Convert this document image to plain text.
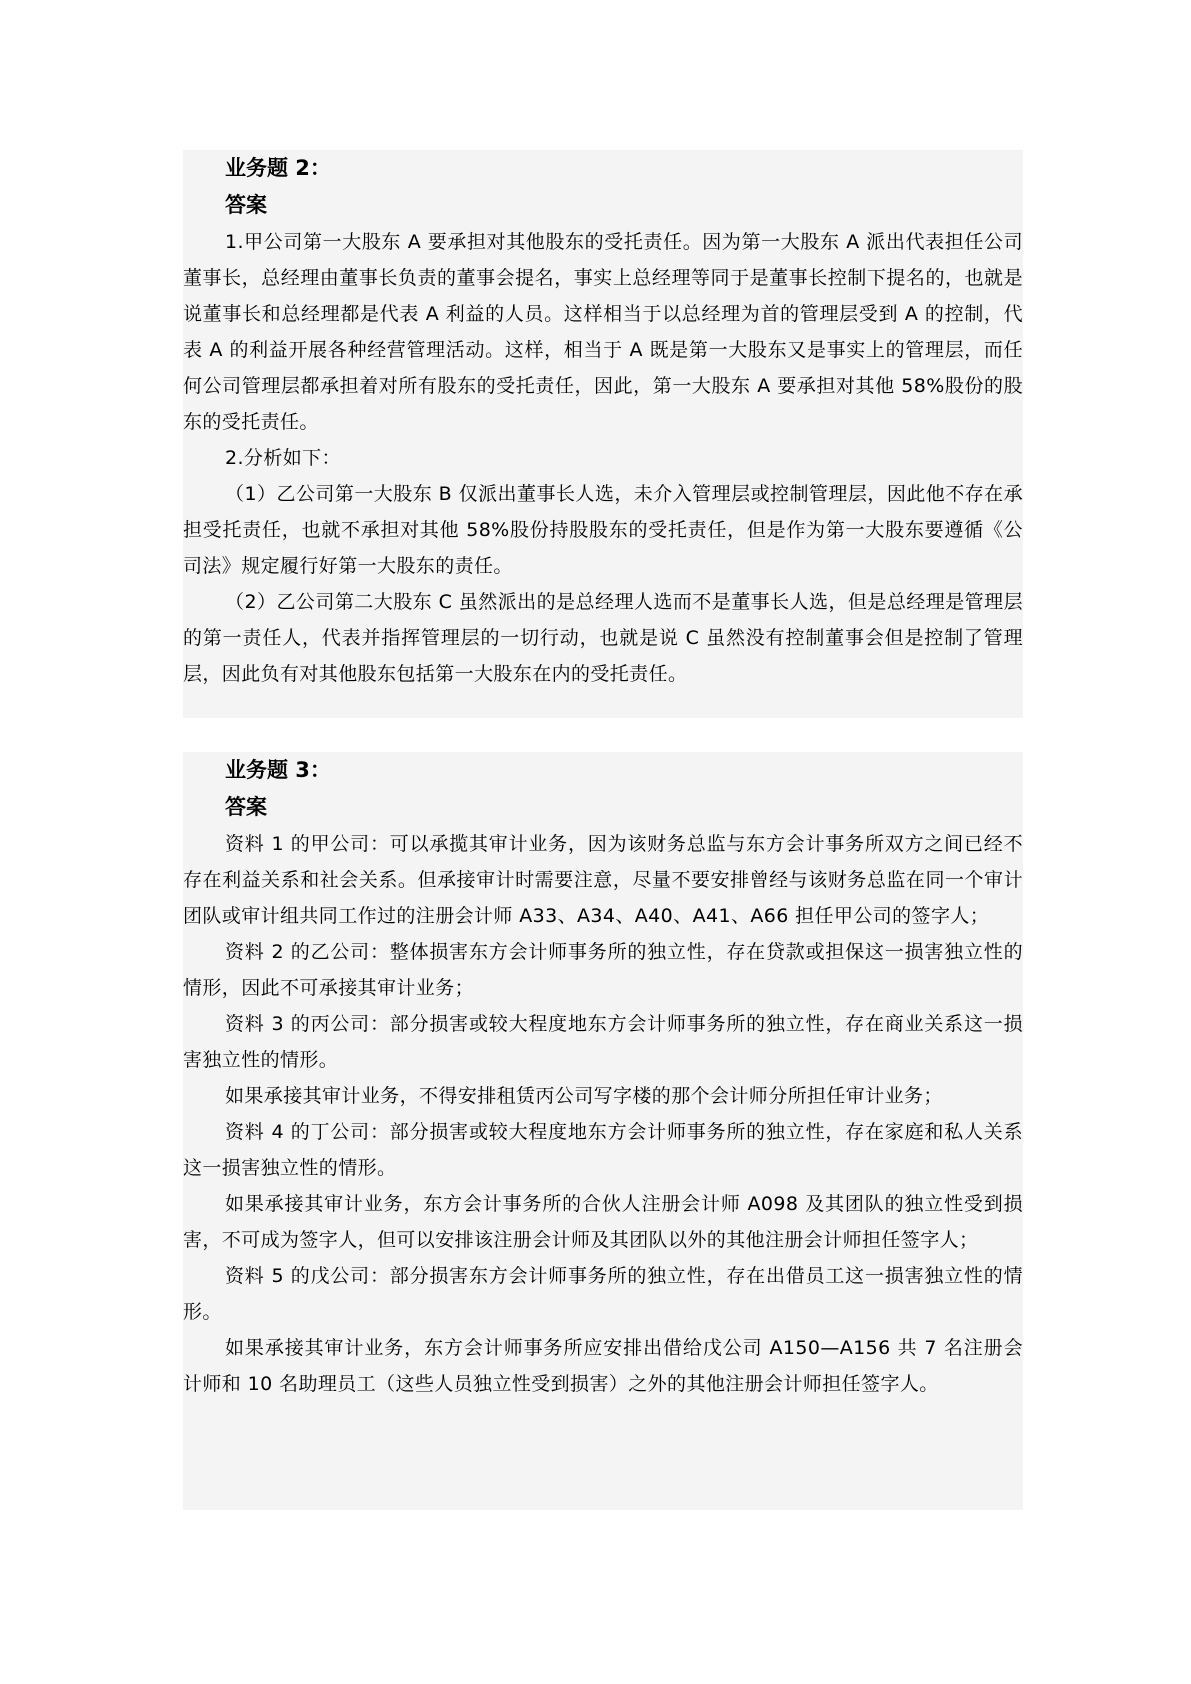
业务题 2：
答案

1.甲公司第一大股东 A 要承担对其他股东的受托责任。因为第一大股东 A 派出代表担任公司董事长，总经理由董事长负责的董事会提名，事实上总经理等同于是董事长控制下提名的，也就是说董事长和总经理都是代表 A 利益的人员。这样相当于以总经理为首的管理层受到 A 的控制，代表 A 的利益开展各种经营管理活动。这样，相当于 A 既是第一大股东又是事实上的管理层，而任何公司管理层都承担着对所有股东的受托责任，因此，第一大股东 A 要承担对其他 58%股份的股东的受托责任。

2.分析如下：

（1）乙公司第一大股东 B 仅派出董事长人选，未介入管理层或控制管理层，因此他不存在承担受托责任，也就不承担对其他 58%股份持股股东的受托责任，但是作为第一大股东要遵循《公司法》规定履行好第一大股东的责任。

（2）乙公司第二大股东 C 虽然派出的是总经理人选而不是董事长人选，但是总经理是管理层的第一责任人，代表并指挥管理层的一切行动，也就是说 C 虽然没有控制董事会但是控制了管理层，因此负有对其他股东包括第一大股东在内的受托责任。

业务题 3：
答案

资料 1 的甲公司：可以承揽其审计业务，因为该财务总监与东方会计事务所双方之间已经不存在利益关系和社会关系。但承接审计时需要注意，尽量不要安排曾经与该财务总监在同一个审计团队或审计组共同工作过的注册会计师 A33、A34、A40、A41、A66 担任甲公司的签字人；

资料 2 的乙公司：整体损害东方会计师事务所的独立性，存在贷款或担保这一损害独立性的情形，因此不可承接其审计业务；

资料 3 的丙公司：部分损害或较大程度地东方会计师事务所的独立性，存在商业关系这一损害独立性的情形。

如果承接其审计业务，不得安排租赁丙公司写字楼的那个会计师分所担任审计业务；

资料 4 的丁公司：部分损害或较大程度地东方会计师事务所的独立性，存在家庭和私人关系这一损害独立性的情形。

如果承接其审计业务，东方会计事务所的合伙人注册会计师 A098 及其团队的独立性受到损害，不可成为签字人，但可以安排该注册会计师及其团队以外的其他注册会计师担任签字人；

资料 5 的戊公司：部分损害东方会计师事务所的独立性，存在出借员工这一损害独立性的情形。

如果承接其审计业务，东方会计师事务所应安排出借给戊公司 A150—A156 共 7 名注册会计师和 10 名助理员工（这些人员独立性受到损害）之外的其他注册会计师担任签字人。
